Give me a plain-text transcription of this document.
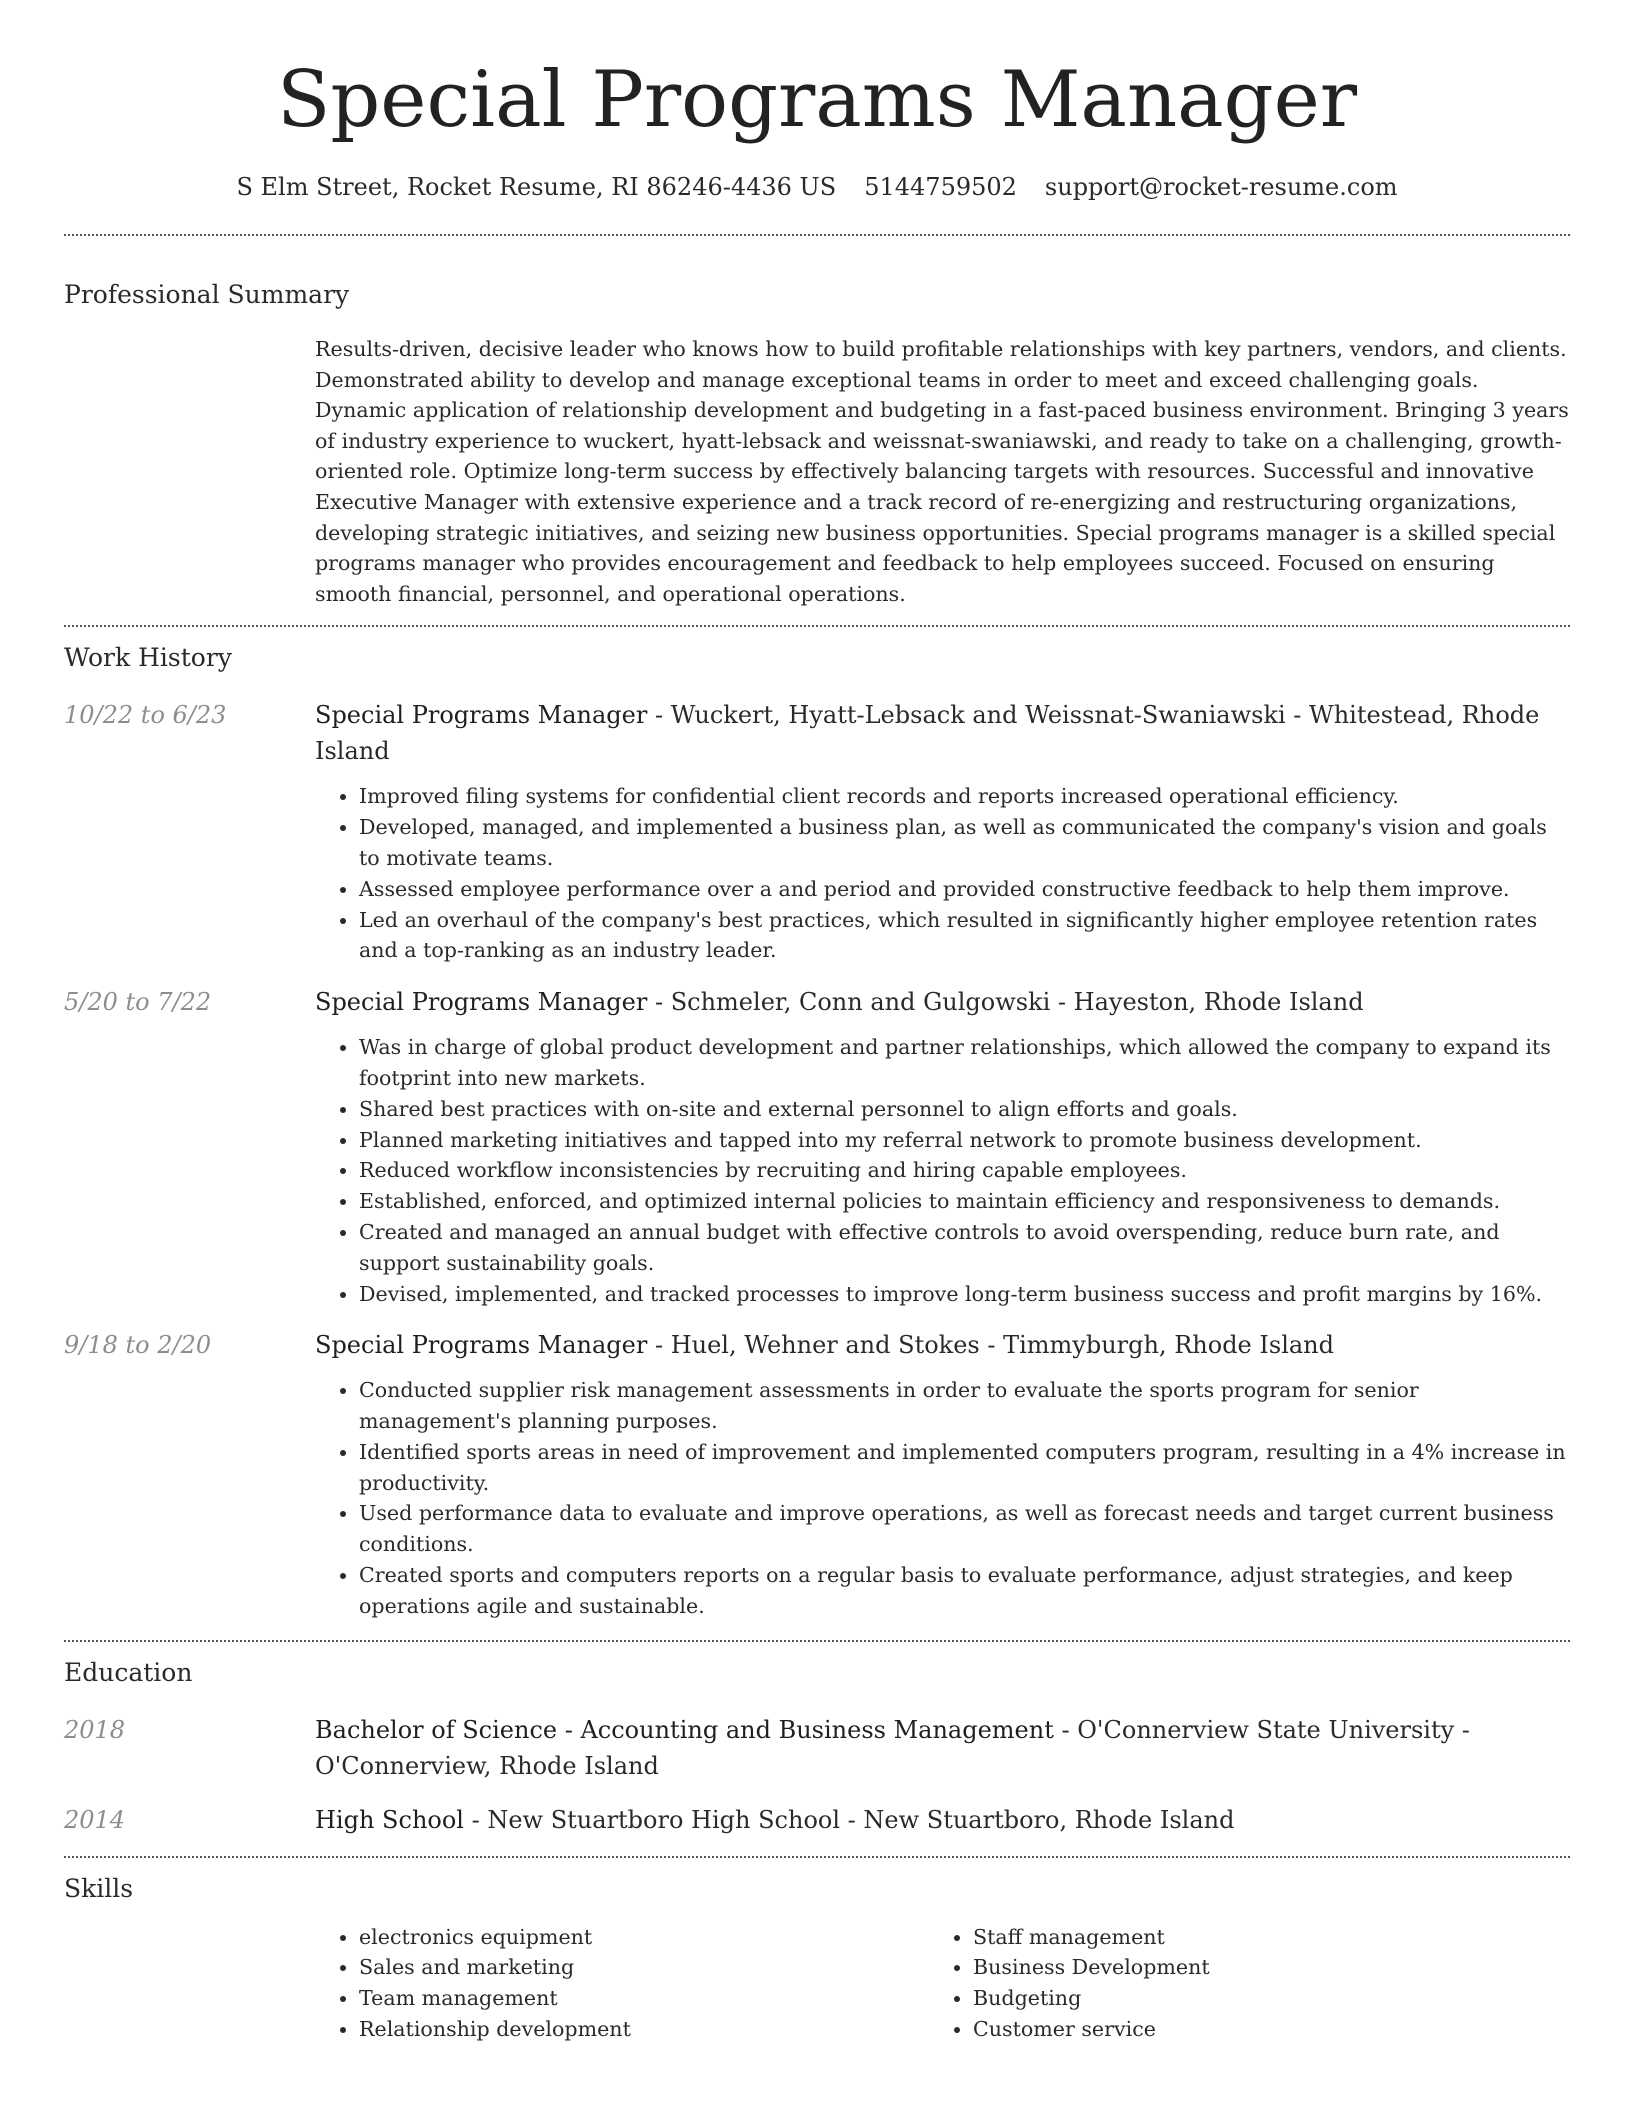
Special Programs Manager
S Elm Street, Rocket Resume, RI 86246-4436 US 5144759502 support@rocket-resume.com
Professional Summary

Results-driven, decisive leader who knows how to build profitable relationships with key partners, vendors, and clients. Demonstrated ability to develop and manage exceptional teams in order to meet and exceed challenging goals. Dynamic application of relationship development and budgeting in a fast-paced business environment. Bringing 3 years of industry experience to wuckert, hyatt-lebsack and weissnat-swaniawski, and ready to take on a challenging, growth-oriented role. Optimize long-term success by effectively balancing targets with resources. Successful and innovative Executive Manager with extensive experience and a track record of re-energizing and restructuring organizations, developing strategic initiatives, and seizing new business opportunities. Special programs manager is a skilled special programs manager who provides encouragement and feedback to help employees succeed. Focused on ensuring smooth financial, personnel, and operational operations.

Work History
10/22 to 6/23	Special Programs Manager - Wuckert, Hyatt-Lebsack and Weissnat-Swaniawski - Whitestead, Rhode Island
• Improved filing systems for confidential client records and reports increased operational efficiency.
• Developed, managed, and implemented a business plan, as well as communicated the company's vision and goals to motivate teams.
• Assessed employee performance over a and period and provided constructive feedback to help them improve.
• Led an overhaul of the company's best practices, which resulted in significantly higher employee retention rates and a top-ranking as an industry leader.
5/20 to 7/22	Special Programs Manager - Schmeler, Conn and Gulgowski - Hayeston, Rhode Island
• Was in charge of global product development and partner relationships, which allowed the company to expand its footprint into new markets.
• Shared best practices with on-site and external personnel to align efforts and goals.
• Planned marketing initiatives and tapped into my referral network to promote business development.
• Reduced workflow inconsistencies by recruiting and hiring capable employees.
• Established, enforced, and optimized internal policies to maintain efficiency and responsiveness to demands.
• Created and managed an annual budget with effective controls to avoid overspending, reduce burn rate, and support sustainability goals.
• Devised, implemented, and tracked processes to improve long-term business success and profit margins by 16%.
9/18 to 2/20	Special Programs Manager - Huel, Wehner and Stokes - Timmyburgh, Rhode Island
• Conducted supplier risk management assessments in order to evaluate the sports program for senior management's planning purposes.
• Identified sports areas in need of improvement and implemented computers program, resulting in a 4% increase in productivity.
• Used performance data to evaluate and improve operations, as well as forecast needs and target current business conditions.
• Created sports and computers reports on a regular basis to evaluate performance, adjust strategies, and keep operations agile and sustainable.
Education
2018	Bachelor of Science - Accounting and Business Management - O'Connerview State University - O'Connerview, Rhode Island
2014	High School - New Stuartboro High School - New Stuartboro, Rhode Island
Skills
• electronics equipment
• Sales and marketing
• Team management
• Relationship development
• Staff management
• Business Development
• Budgeting
• Customer service
